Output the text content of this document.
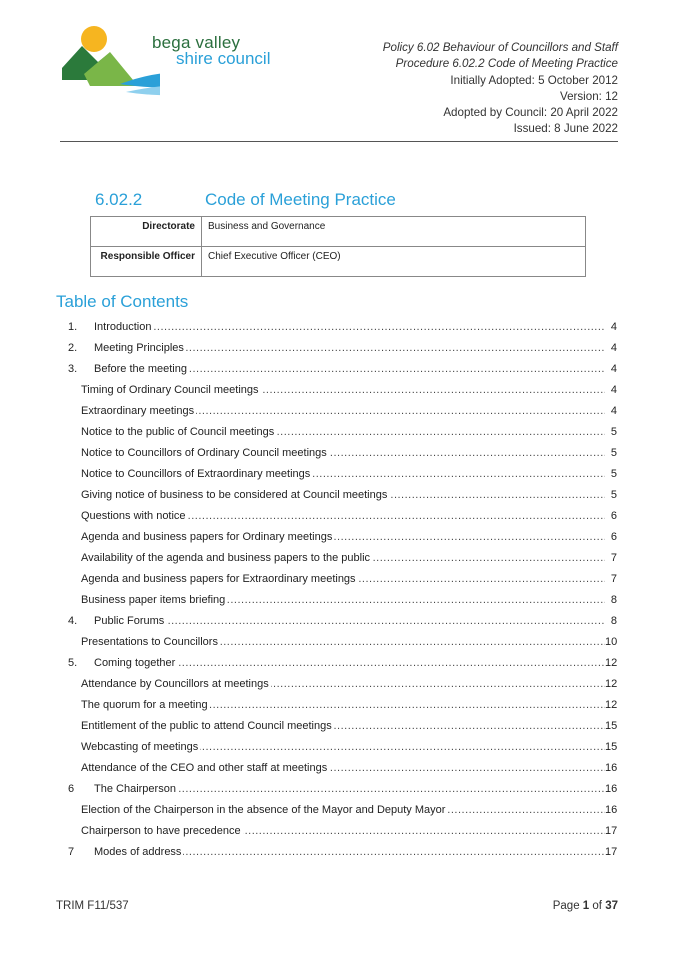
bega valley
shire council
Policy 6.02 Behaviour of Councillors and Staff
Procedure 6.02.2 Code of Meeting Practice
Initially Adopted: 5 October 2012
Version: 12
Adopted by Council: 20 April 2022
Issued: 8 June 2022
6.02.2	Code of Meeting Practice
Directorate	Business and Governance
Responsible Officer	Chief Executive Officer (CEO)
Table of Contents
1. Introduction .....	4
2. Meeting Principles .....	4
3. Before the meeting .....	4
Timing of Ordinary Council meetings .....	4
Extraordinary meetings .....	4
Notice to the public of Council meetings .....	5
Notice to Councillors of Ordinary Council meetings .....	5
Notice to Councillors of Extraordinary meetings .....	5
Giving notice of business to be considered at Council meetings .....	5
Questions with notice .....	6
Agenda and business papers for Ordinary meetings .....	6
Availability of the agenda and business papers to the public .....	7
Agenda and business papers for Extraordinary meetings .....	7
Business paper items briefing .....	8
4. Public Forums .....	8
Presentations to Councillors .....	10
5. Coming together .....	12
Attendance by Councillors at meetings .....	12
The quorum for a meeting .....	12
Entitlement of the public to attend Council meetings .....	15
Webcasting of meetings .....	15
Attendance of the CEO and other staff at meetings .....	16
6 The Chairperson .....	16
Election of the Chairperson in the absence of the Mayor and Deputy Mayor .....	16
Chairperson to have precedence .....	17
7 Modes of address .....	17
TRIM F11/537	Page 1 of 37
